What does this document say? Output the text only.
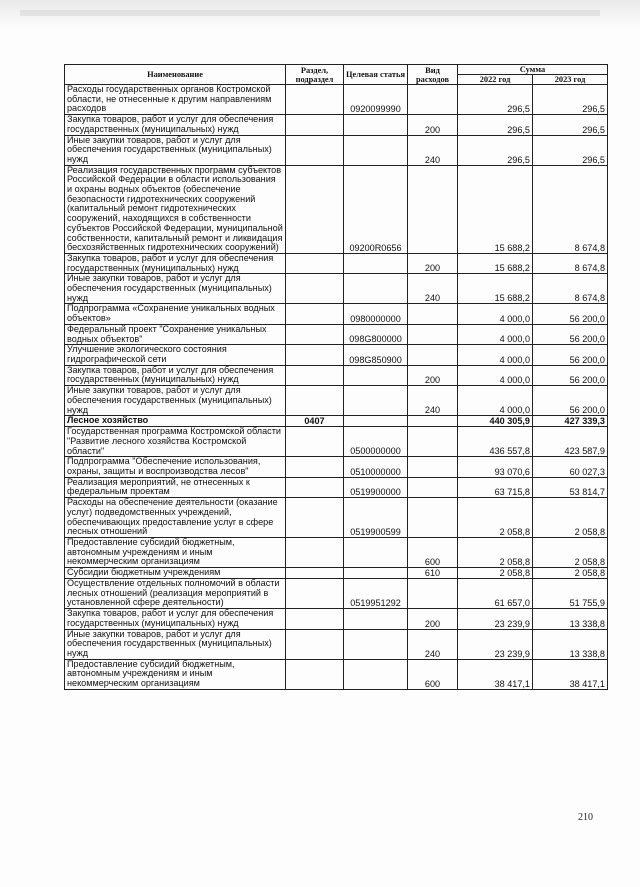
Наименование	Раздел, подраздел	Целевая статья	Вид расходов	Сумма	
				2022 год	2023 год
Расходы государственных органов Костромской области, не отнесенные к другим направлениям расходов		0920099990		296,5	296,5
Закупка товаров, работ и услуг для обеспечения государственных (муниципальных) нужд			200	296,5	296,5
Иные закупки товаров, работ и услуг для обеспечения государственных (муниципальных) нужд			240	296,5	296,5
Реализация государственных программ субъектов Российской Федерации в области использования и охраны водных объектов (обеспечение безопасности гидротехнических сооружений (капитальный ремонт гидротехнических сооружений, находящихся в собственности субъектов Российской Федерации, муниципальной собственности, капитальный ремонт и ликвидация бесхозяйственных гидротехнических сооружений)		09200R0656		15 688,2	8 674,8
Закупка товаров, работ и услуг для обеспечения государственных (муниципальных) нужд			200	15 688,2	8 674,8
Иные закупки товаров, работ и услуг для обеспечения государственных (муниципальных) нужд			240	15 688,2	8 674,8
Подпрограмма «Сохранение уникальных водных объектов»		0980000000		4 000,0	56 200,0
Федеральный проект "Сохранение уникальных водных объектов"		098G800000		4 000,0	56 200,0
Улучшение экологического состояния гидрографической сети		098G850900		4 000,0	56 200,0
Закупка товаров, работ и услуг для обеспечения государственных (муниципальных) нужд			200	4 000,0	56 200,0
Иные закупки товаров, работ и услуг для обеспечения государственных (муниципальных) нужд			240	4 000,0	56 200,0
Лесное хозяйство	0407			440 305,9	427 339,3
Государственная программа Костромской области "Развитие лесного хозяйства Костромской области"		0500000000		436 557,8	423 587,9
Подпрограмма "Обеспечение использования, охраны, защиты и воспроизводства лесов"		0510000000		93 070,6	60 027,3
Реализация мероприятий, не отнесенных к федеральным проектам		0519900000		63 715,8	53 814,7
Расходы на обеспечение деятельности (оказание услуг) подведомственных учреждений, обеспечивающих предоставление услуг в сфере лесных отношений		0519900599		2 058,8	2 058,8
Предоставление субсидий бюджетным, автономным учреждениям и иным некоммерческим организациям			600	2 058,8	2 058,8
Субсидии бюджетным учреждениям			610	2 058,8	2 058,8
Осуществление отдельных полномочий в области лесных отношений (реализация мероприятий в установленной сфере деятельности)		0519951292		61 657,0	51 755,9
Закупка товаров, работ и услуг для обеспечения государственных (муниципальных) нужд			200	23 239,9	13 338,8
Иные закупки товаров, работ и услуг для обеспечения государственных (муниципальных) нужд			240	23 239,9	13 338,8
Предоставление субсидий бюджетным, автономным учреждениям и иным некоммерческим организациям			600	38 417,1	38 417,1
210
